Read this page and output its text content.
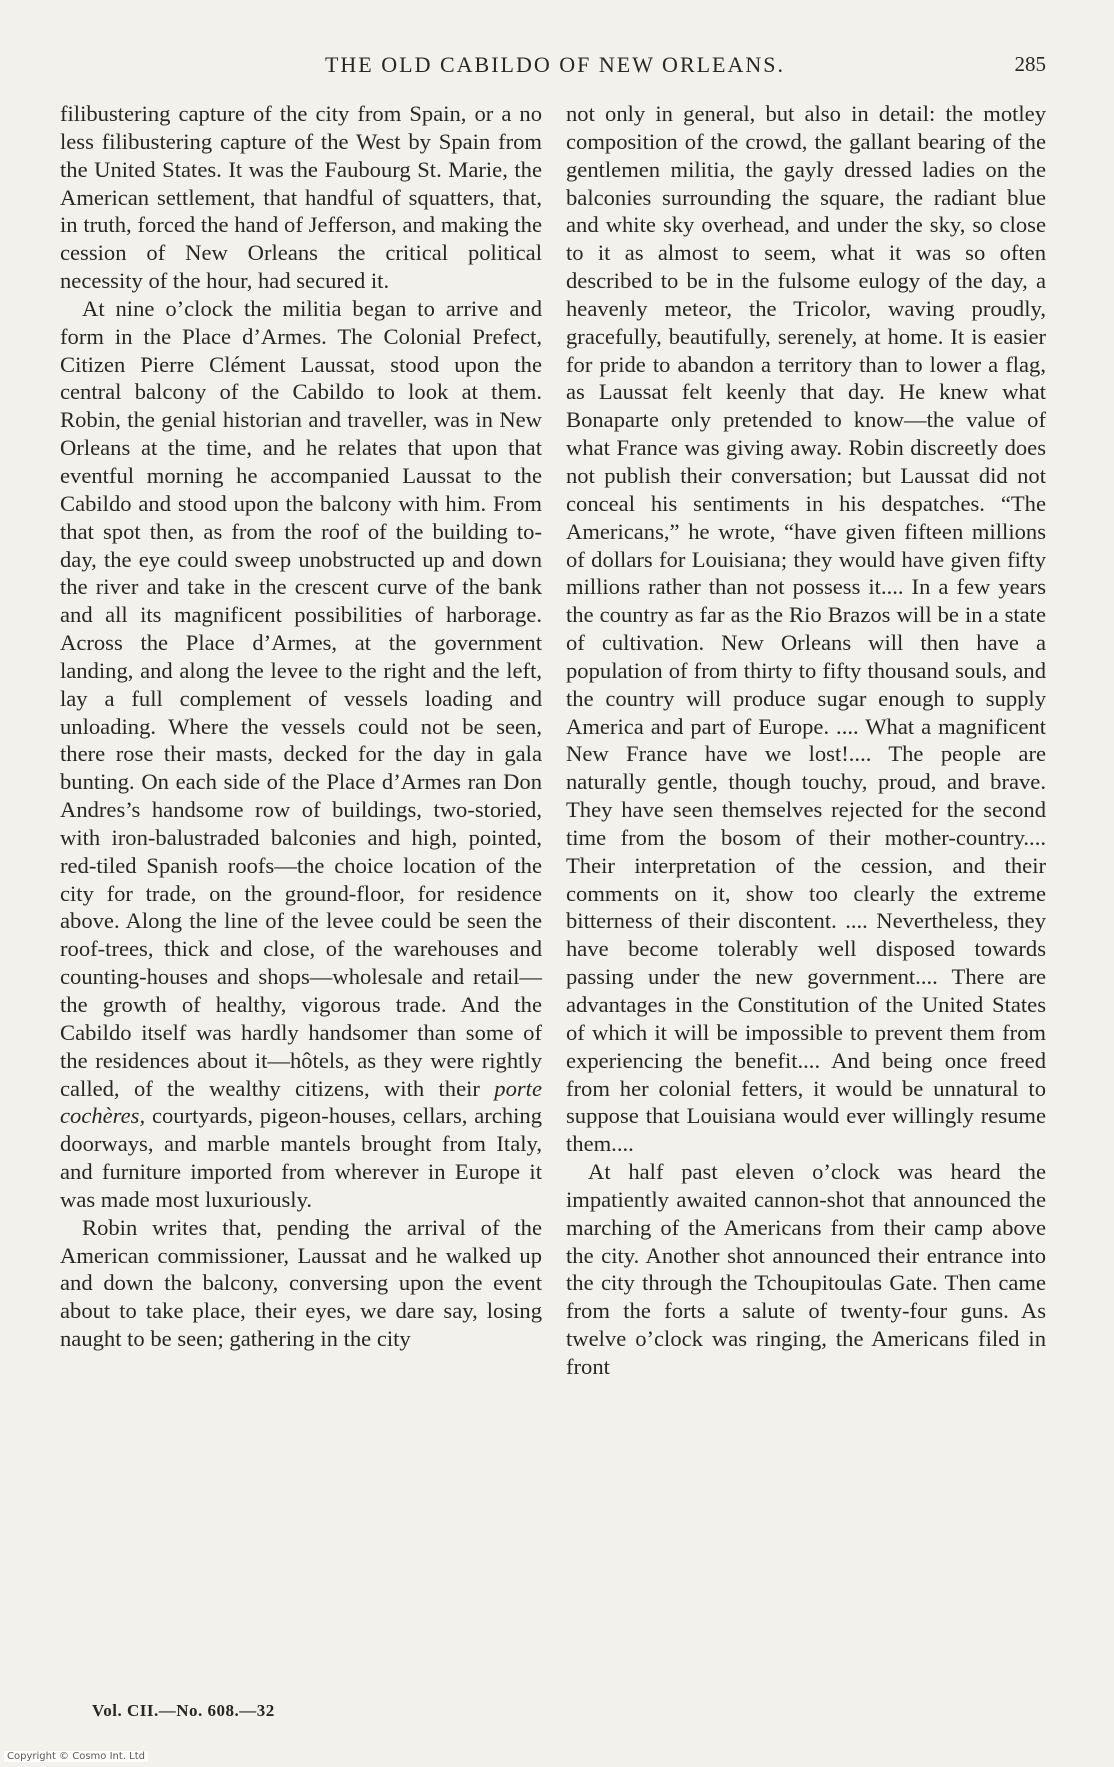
THE OLD CABILDO OF NEW ORLEANS.	285

filibustering capture of the city from Spain, or a no less filibustering capture of the West by Spain from the United States. It was the Faubourg St. Marie, the American settlement, that handful of squatters, that, in truth, forced the hand of Jefferson, and making the cession of New Orleans the critical political necessity of the hour, had secured it.

At nine o’clock the militia began to arrive and form in the Place d’Armes. The Colonial Prefect, Citizen Pierre Clément Laussat, stood upon the central balcony of the Cabildo to look at them. Robin, the genial historian and traveller, was in New Orleans at the time, and he relates that upon that eventful morning he accompanied Laussat to the Cabildo and stood upon the balcony with him. From that spot then, as from the roof of the building to-day, the eye could sweep unobstructed up and down the river and take in the crescent curve of the bank and all its magnificent possibilities of harborage. Across the Place d’Armes, at the government landing, and along the levee to the right and the left, lay a full complement of vessels loading and unloading. Where the vessels could not be seen, there rose their masts, decked for the day in gala bunting. On each side of the Place d’Armes ran Don Andres’s handsome row of buildings, two-storied, with iron-balustraded balconies and high, pointed, red-tiled Spanish roofs—the choice location of the city for trade, on the ground-floor, for residence above. Along the line of the levee could be seen the roof-trees, thick and close, of the warehouses and counting-houses and shops—wholesale and retail—the growth of healthy, vigorous trade. And the Cabildo itself was hardly handsomer than some of the residences about it—hôtels, as they were rightly called, of the wealthy citizens, with their porte cochères, courtyards, pigeon-houses, cellars, arching doorways, and marble mantels brought from Italy, and furniture imported from wherever in Europe it was made most luxuriously.

Robin writes that, pending the arrival of the American commissioner, Laussat and he walked up and down the balcony, conversing upon the event about to take place, their eyes, we dare say, losing naught to be seen; gathering in the city

not only in general, but also in detail: the motley composition of the crowd, the gallant bearing of the gentlemen militia, the gayly dressed ladies on the balconies surrounding the square, the radiant blue and white sky overhead, and under the sky, so close to it as almost to seem, what it was so often described to be in the fulsome eulogy of the day, a heavenly meteor, the Tricolor, waving proudly, gracefully, beautifully, serenely, at home. It is easier for pride to abandon a territory than to lower a flag, as Laussat felt keenly that day. He knew what Bonaparte only pretended to know—the value of what France was giving away. Robin discreetly does not publish their conversation; but Laussat did not conceal his sentiments in his despatches. “The Americans,” he wrote, “have given fifteen millions of dollars for Louisiana; they would have given fifty millions rather than not possess it.... In a few years the country as far as the Rio Brazos will be in a state of cultivation. New Orleans will then have a population of from thirty to fifty thousand souls, and the country will produce sugar enough to supply America and part of Europe. .... What a magnificent New France have we lost!.... The people are naturally gentle, though touchy, proud, and brave. They have seen themselves rejected for the second time from the bosom of their mother-country.... Their interpretation of the cession, and their comments on it, show too clearly the extreme bitterness of their discontent. .... Nevertheless, they have become tolerably well disposed towards passing under the new government.... There are advantages in the Constitution of the United States of which it will be impossible to prevent them from experiencing the benefit.... And being once freed from her colonial fetters, it would be unnatural to suppose that Louisiana would ever willingly resume them....

At half past eleven o’clock was heard the impatiently awaited cannon-shot that announced the marching of the Americans from their camp above the city. Another shot announced their entrance into the city through the Tchoupitoulas Gate. Then came from the forts a salute of twenty-four guns. As twelve o’clock was ringing, the Americans filed in front

Vol. CII.—No. 608.—32
Copyright © Cosmo Int. Ltd
